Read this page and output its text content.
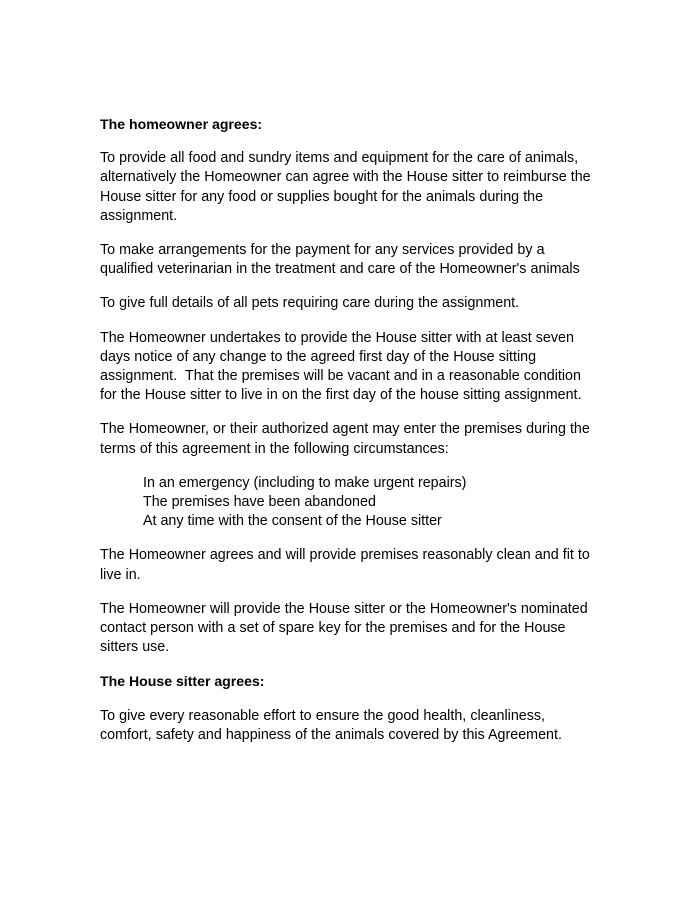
The homeowner agrees:

To provide all food and sundry items and equipment for the care of animals, alternatively the Homeowner can agree with the House sitter to reimburse the House sitter for any food or supplies bought for the animals during the assignment.

To make arrangements for the payment for any services provided by a qualified veterinarian in the treatment and care of the Homeowner's animals

To give full details of all pets requiring care during the assignment.

The Homeowner undertakes to provide the House sitter with at least seven days notice of any change to the agreed first day of the House sitting assignment.  That the premises will be vacant and in a reasonable condition for the House sitter to live in on the first day of the house sitting assignment.

The Homeowner, or their authorized agent may enter the premises during the terms of this agreement in the following circumstances:

In an emergency (including to make urgent repairs)

The premises have been abandoned

At any time with the consent of the House sitter

The Homeowner agrees and will provide premises reasonably clean and fit to live in.

The Homeowner will provide the House sitter or the Homeowner's nominated contact person with a set of spare key for the premises and for the House sitters use.

The House sitter agrees:

To give every reasonable effort to ensure the good health, cleanliness, comfort, safety and happiness of the animals covered by this Agreement.
